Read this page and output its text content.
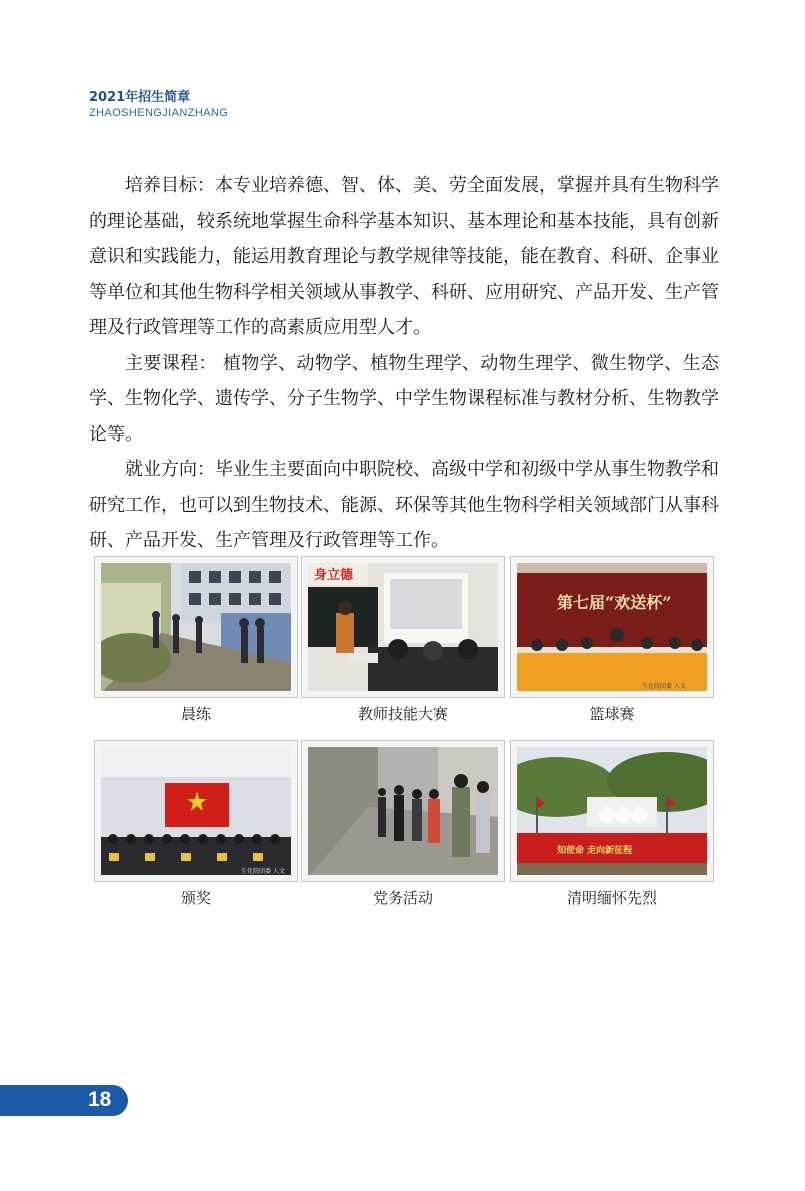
2021年招生简章
ZHAOSHENGJIANZHANG

培养目标：本专业培养德、智、体、美、劳全面发展，掌握并具有生物科学的理论基础，较系统地掌握生命科学基本知识、基本理论和基本技能，具有创新意识和实践能力，能运用教育理论与教学规律等技能，能在教育、科研、企事业等单位和其他生物科学相关领域从事教学、科研、应用研究、产品开发、生产管理及行政管理等工作的高素质应用型人才。

主要课程： 植物学、动物学、植物生理学、动物生理学、微生物学、生态学、生物化学、遗传学、分子生物学、中学生物课程标准与教材分析、生物教学论等。

就业方向：毕业生主要面向中职院校、高级中学和初级中学从事生物教学和研究工作，也可以到生物技术、能源、环保等其他生物科学相关领域部门从事科研、产品开发、生产管理及行政管理等工作。

晨练
身立德
教师技能大赛
第七届“欢送杯”
生化院团委 人文
篮球赛
生化院团委 人文
颁奖	党务活动
知使命 走向新征程
清明缅怀先烈
18
